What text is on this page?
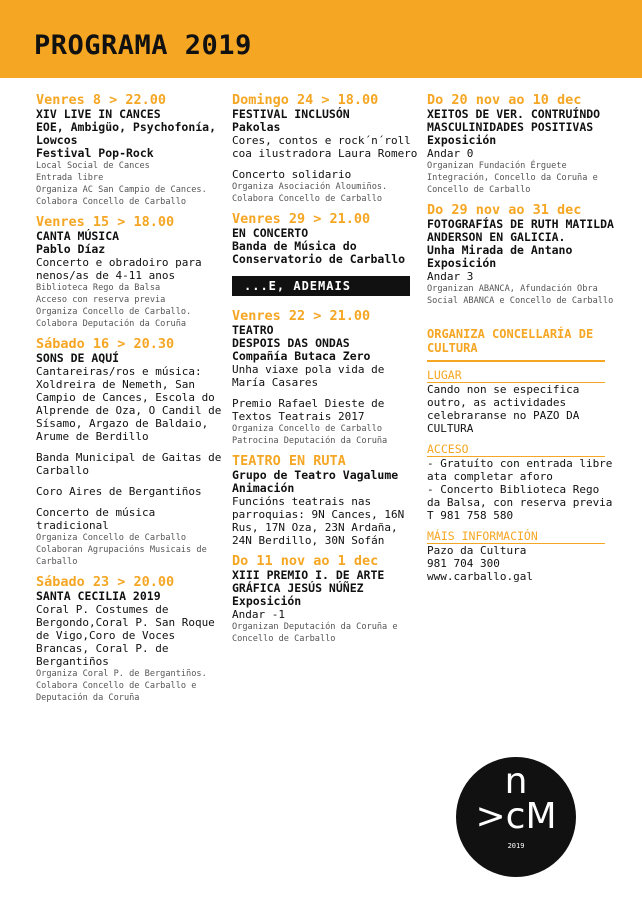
PROGRAMA 2019
Venres 8 > 22.00
XIV LIVE IN CANCES
EOE, Ambigüo, Psychofonía, Lowcos
Festival Pop-Rock
Local Social de Cances
Entrada libre
Organiza AC San Campio de Cances. Colabora Concello de Carballo
Venres 15 > 18.00
CANTA MÚSICA
Pablo Díaz
Concerto e obradoiro para nenos/as de 4-11 anos
Biblioteca Rego da Balsa
Acceso con reserva previa
Organiza Concello de Carballo. Colabora Deputación da Coruña
Sábado 16 > 20.30
SONS DE AQUÍ
Cantareiras/ros e música: Xoldreira de Nemeth, San Campio de Cances, Escola do Alprende de Oza, O Candil de Sísamo, Argazo de Baldaio, Arume de Berdillo
Banda Municipal de Gaitas de Carballo
Coro Aires de Bergantiños
Concerto de música tradicional
Organiza Concello de Carballo
Colaboran Agrupacións Musicais de Carballo
Sábado 23 > 20.00
SANTA CECILIA 2019
Coral P. Costumes de Bergondo,Coral P. San Roque de Vigo,Coro de Voces Brancas, Coral P. de Bergantiños
Organiza Coral P. de Bergantiños. Colabora Concello de Carballo e Deputación da Coruña
Domingo 24 > 18.00
FESTIVAL INCLUSÓN
Pakolas
Cores, contos e rock´n´roll coa ilustradora Laura Romero
Concerto solidario
Organiza Asociación Aloumiños. Colabora Concello de Carballo
Venres 29 > 21.00
EN CONCERTO
Banda de Música do Conservatorio de Carballo
...E, ADEMAIS
Venres 22 > 21.00
TEATRO
DESPOIS DAS ONDAS
Compañía Butaca Zero
Unha viaxe pola vida de María Casares
Premio Rafael Dieste de Textos Teatrais 2017
Organiza Concello de Carballo
Patrocina Deputación da Coruña
TEATRO EN RUTA
Grupo de Teatro Vagalume Animación
Funcións teatrais nas parroquias: 9N Cances, 16N Rus, 17N Oza, 23N Ardaña, 24N Berdillo, 30N Sofán
Do 11 nov ao 1 dec
XIII PREMIO I. DE ARTE GRÁFICA JESÚS NÚÑEZ
Exposición
Andar -1
Organizan Deputación da Coruña e Concello de Carballo
Do 20 nov ao 10 dec
XEITOS DE VER. CONTRUÍNDO MASCULINIDADES POSITIVAS
Exposición
Andar 0
Organizan Fundación Érguete Integración, Concello da Coruña e Concello de Carballo
Do 29 nov ao 31 dec
FOTOGRAFÍAS DE RUTH MATILDA ANDERSON EN GALICIA.
Unha Mirada de Antano
Exposición
Andar 3
Organizan ABANCA, Afundación Obra Social ABANCA e Concello de Carballo
ORGANIZA CONCELLARÍA DE CULTURA
LUGAR
Cando non se especifica outro, as actividades celebraranse no PAZO DA CULTURA
ACCESO
- Gratuíto con entrada libre ata completar aforo
- Concerto Biblioteca Rego da Balsa, con reserva previa
T 981 758 580
MÁIS INFORMACIÓN
Pazo da Cultura
981 704 300
www.carballo.gal
n
>cM
2019
